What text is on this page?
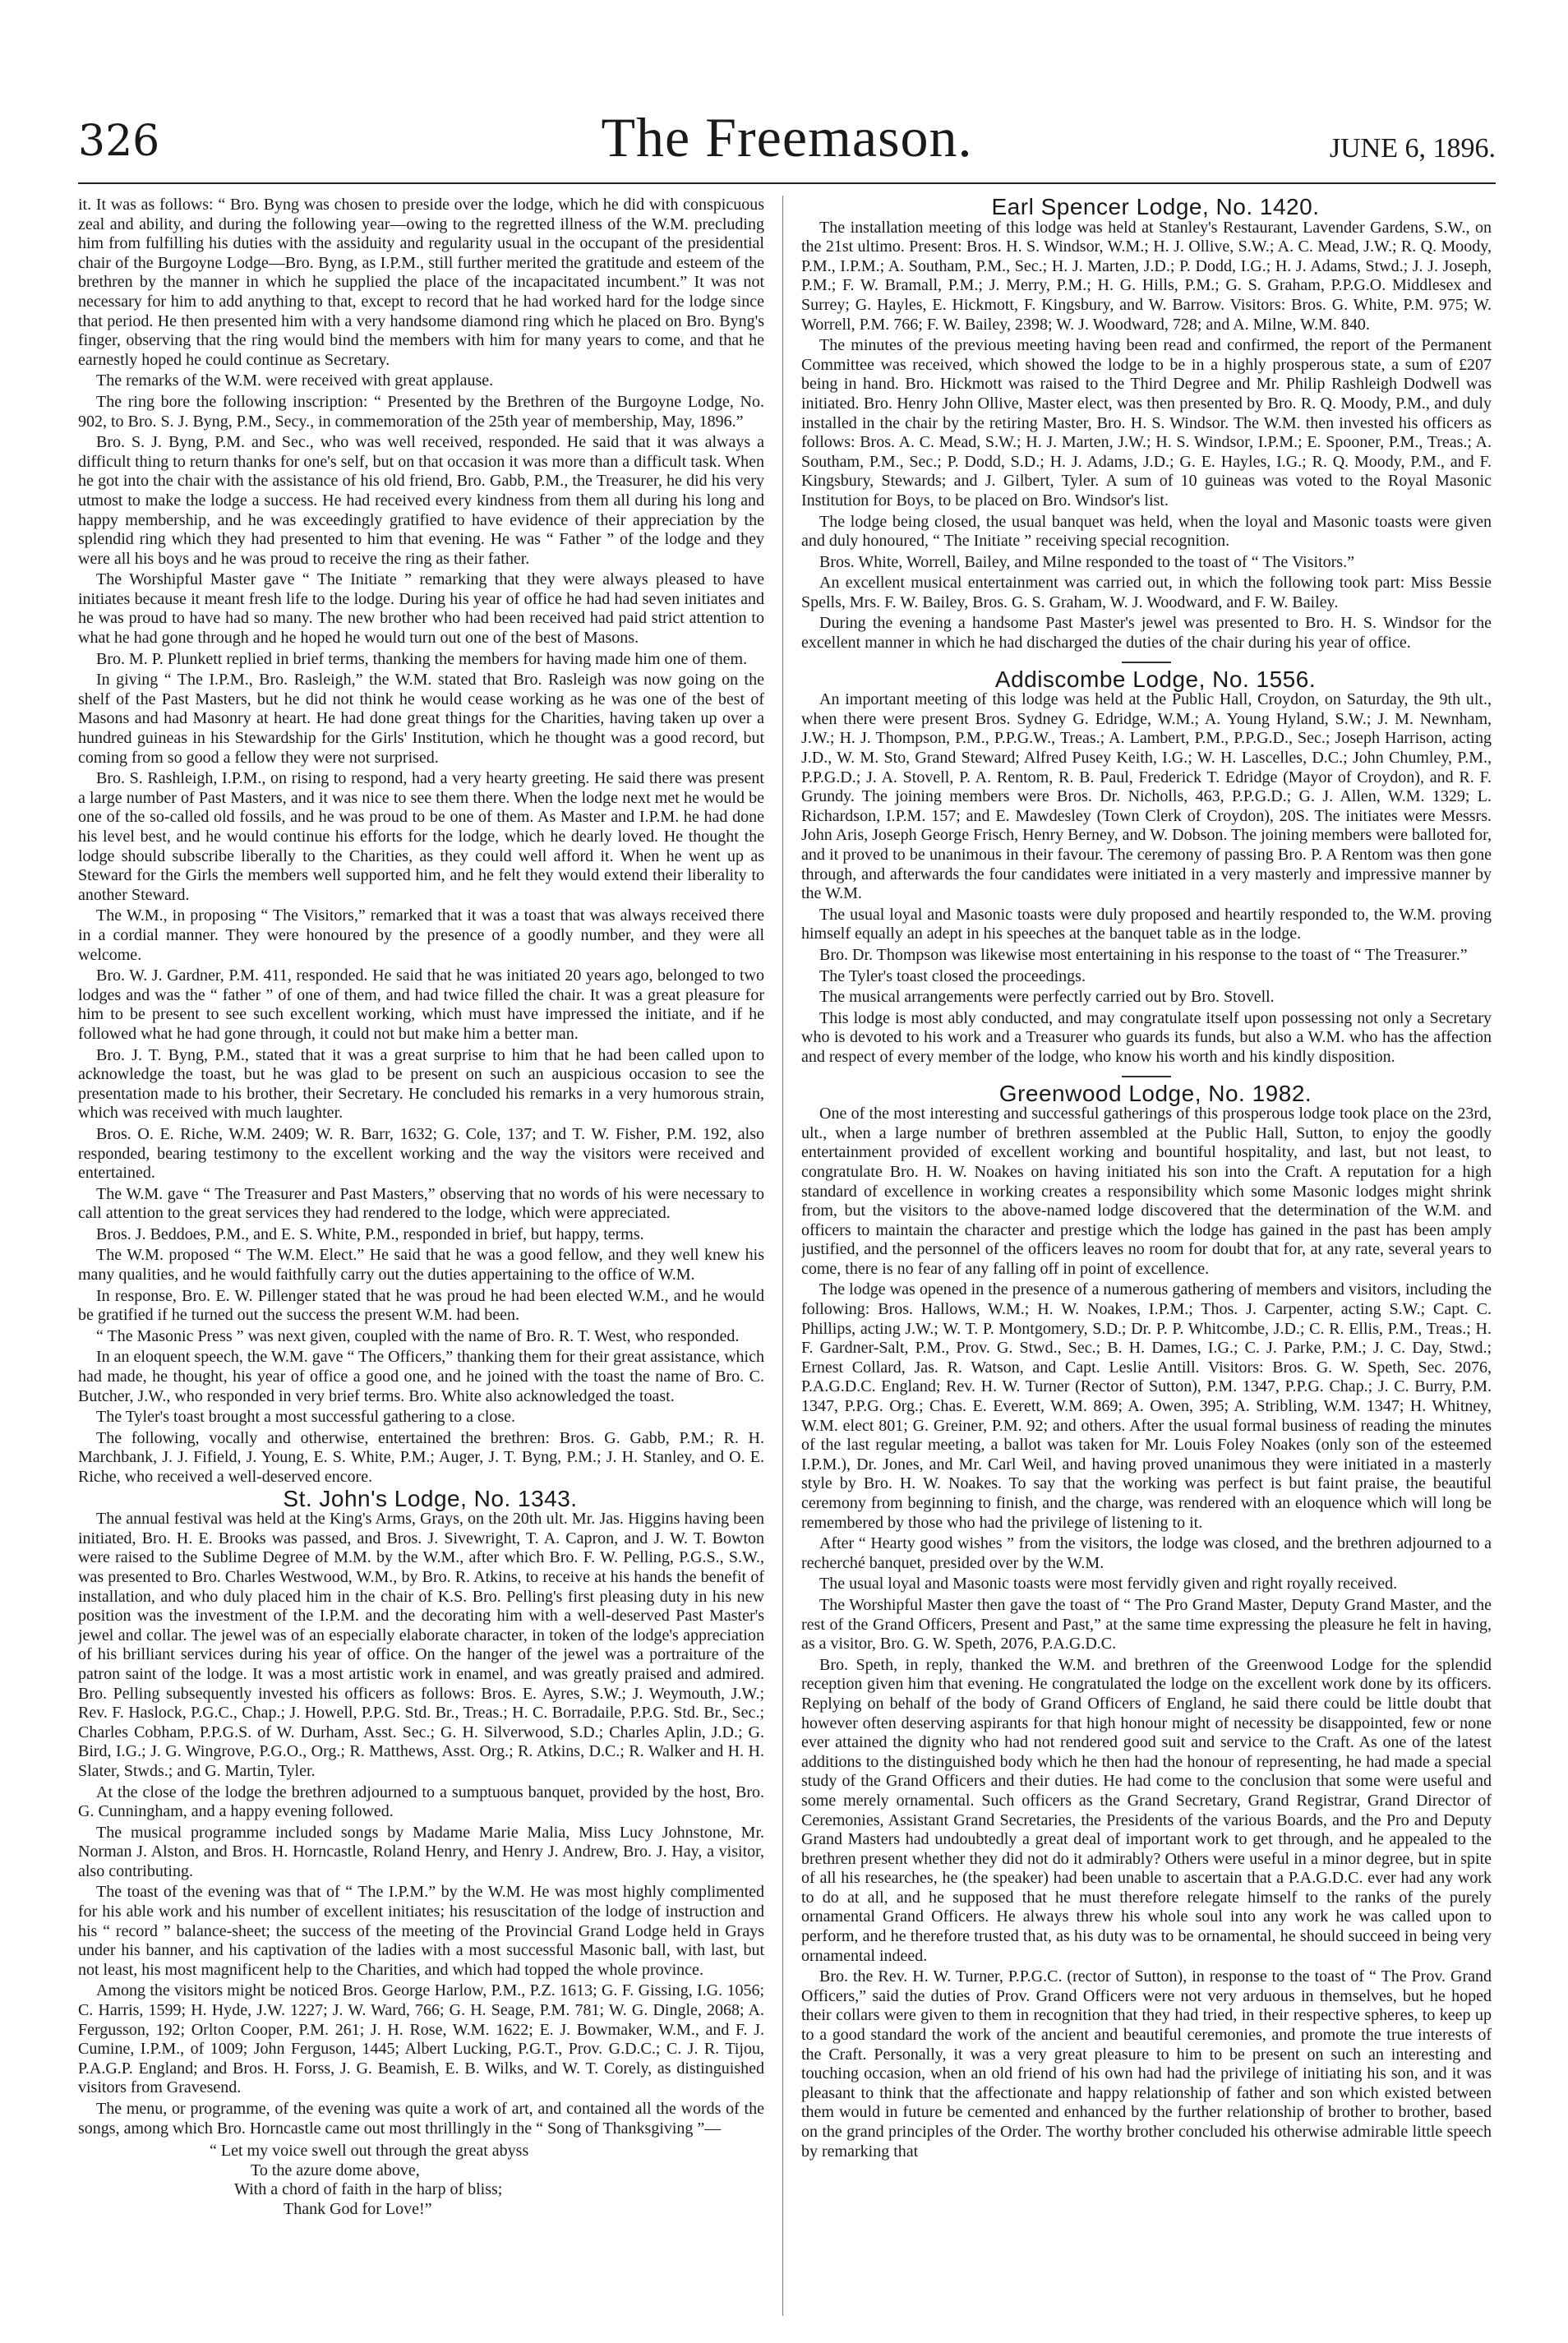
326	The Freemason.	JUNE 6, 1896.

it. It was as follows: “ Bro. Byng was chosen to preside over the lodge, which he did with conspicuous zeal and ability, and during the following year—owing to the regretted illness of the W.M. precluding him from fulfilling his duties with the assiduity and regularity usual in the occupant of the presidential chair of the Burgoyne Lodge—Bro. Byng, as I.P.M., still further merited the gratitude and esteem of the brethren by the manner in which he supplied the place of the incapacitated incumbent.” It was not necessary for him to add anything to that, except to record that he had worked hard for the lodge since that period. He then presented him with a very handsome diamond ring which he placed on Bro. Byng's finger, observing that the ring would bind the members with him for many years to come, and that he earnestly hoped he could continue as Secretary.

The remarks of the W.M. were received with great applause.

The ring bore the following inscription: “ Presented by the Brethren of the Burgoyne Lodge, No. 902, to Bro. S. J. Byng, P.M., Secy., in commemoration of the 25th year of membership, May, 1896.”

Bro. S. J. Byng, P.M. and Sec., who was well received, responded. He said that it was always a difficult thing to return thanks for one's self, but on that occasion it was more than a difficult task. When he got into the chair with the assistance of his old friend, Bro. Gabb, P.M., the Treasurer, he did his very utmost to make the lodge a success. He had received every kindness from them all during his long and happy membership, and he was exceedingly gratified to have evidence of their appreciation by the splendid ring which they had presented to him that evening. He was “ Father ” of the lodge and they were all his boys and he was proud to receive the ring as their father.

The Worshipful Master gave “ The Initiate ” remarking that they were always pleased to have initiates because it meant fresh life to the lodge. During his year of office he had had seven initiates and he was proud to have had so many. The new brother who had been received had paid strict attention to what he had gone through and he hoped he would turn out one of the best of Masons.

Bro. M. P. Plunkett replied in brief terms, thanking the members for having made him one of them.

In giving “ The I.P.M., Bro. Rasleigh,” the W.M. stated that Bro. Rasleigh was now going on the shelf of the Past Masters, but he did not think he would cease working as he was one of the best of Masons and had Masonry at heart. He had done great things for the Charities, having taken up over a hundred guineas in his Stewardship for the Girls' Institution, which he thought was a good record, but coming from so good a fellow they were not surprised.

Bro. S. Rashleigh, I.P.M., on rising to respond, had a very hearty greeting. He said there was present a large number of Past Masters, and it was nice to see them there. When the lodge next met he would be one of the so-called old fossils, and he was proud to be one of them. As Master and I.P.M. he had done his level best, and he would continue his efforts for the lodge, which he dearly loved. He thought the lodge should subscribe liberally to the Charities, as they could well afford it. When he went up as Steward for the Girls the members well supported him, and he felt they would extend their liberality to another Steward.

The W.M., in proposing “ The Visitors,” remarked that it was a toast that was always received there in a cordial manner. They were honoured by the presence of a goodly number, and they were all welcome.

Bro. W. J. Gardner, P.M. 411, responded. He said that he was initiated 20 years ago, belonged to two lodges and was the “ father ” of one of them, and had twice filled the chair. It was a great pleasure for him to be present to see such excellent working, which must have impressed the initiate, and if he followed what he had gone through, it could not but make him a better man.

Bro. J. T. Byng, P.M., stated that it was a great surprise to him that he had been called upon to acknowledge the toast, but he was glad to be present on such an auspicious occasion to see the presentation made to his brother, their Secretary. He concluded his remarks in a very humorous strain, which was received with much laughter.

Bros. O. E. Riche, W.M. 2409; W. R. Barr, 1632; G. Cole, 137; and T. W. Fisher, P.M. 192, also responded, bearing testimony to the excellent working and the way the visitors were received and entertained.

The W.M. gave “ The Treasurer and Past Masters,” observing that no words of his were necessary to call attention to the great services they had rendered to the lodge, which were appreciated.

Bros. J. Beddoes, P.M., and E. S. White, P.M., responded in brief, but happy, terms.

The W.M. proposed “ The W.M. Elect.” He said that he was a good fellow, and they well knew his many qualities, and he would faithfully carry out the duties appertaining to the office of W.M.

In response, Bro. E. W. Pillenger stated that he was proud he had been elected W.M., and he would be gratified if he turned out the success the present W.M. had been.

“ The Masonic Press ” was next given, coupled with the name of Bro. R. T. West, who responded.

In an eloquent speech, the W.M. gave “ The Officers,” thanking them for their great assistance, which had made, he thought, his year of office a good one, and he joined with the toast the name of Bro. C. Butcher, J.W., who responded in very brief terms. Bro. White also acknowledged the toast.

The Tyler's toast brought a most successful gathering to a close.

The following, vocally and otherwise, entertained the brethren: Bros. G. Gabb, P.M.; R. H. Marchbank, J. J. Fifield, J. Young, E. S. White, P.M.; Auger, J. T. Byng, P.M.; J. H. Stanley, and O. E. Riche, who received a well-deserved encore.

St. John's Lodge, No. 1343.

The annual festival was held at the King's Arms, Grays, on the 20th ult. Mr. Jas. Higgins having been initiated, Bro. H. E. Brooks was passed, and Bros. J. Sivewright, T. A. Capron, and J. W. T. Bowton were raised to the Sublime Degree of M.M. by the W.M., after which Bro. F. W. Pelling, P.G.S., S.W., was presented to Bro. Charles Westwood, W.M., by Bro. R. Atkins, to receive at his hands the benefit of installation, and who duly placed him in the chair of K.S. Bro. Pelling's first pleasing duty in his new position was the investment of the I.P.M. and the decorating him with a well-deserved Past Master's jewel and collar. The jewel was of an especially elaborate character, in token of the lodge's appreciation of his brilliant services during his year of office. On the hanger of the jewel was a portraiture of the patron saint of the lodge. It was a most artistic work in enamel, and was greatly praised and admired. Bro. Pelling subsequently invested his officers as follows: Bros. E. Ayres, S.W.; J. Weymouth, J.W.; Rev. F. Haslock, P.G.C., Chap.; J. Howell, P.P.G. Std. Br., Treas.; H. C. Borradaile, P.P.G. Std. Br., Sec.; Charles Cobham, P.P.G.S. of W. Durham, Asst. Sec.; G. H. Silverwood, S.D.; Charles Aplin, J.D.; G. Bird, I.G.; J. G. Wingrove, P.G.O., Org.; R. Matthews, Asst. Org.; R. Atkins, D.C.; R. Walker and H. H. Slater, Stwds.; and G. Martin, Tyler.

At the close of the lodge the brethren adjourned to a sumptuous banquet, provided by the host, Bro. G. Cunningham, and a happy evening followed.

The musical programme included songs by Madame Marie Malia, Miss Lucy Johnstone, Mr. Norman J. Alston, and Bros. H. Horncastle, Roland Henry, and Henry J. Andrew, Bro. J. Hay, a visitor, also contributing.

The toast of the evening was that of “ The I.P.M.” by the W.M. He was most highly complimented for his able work and his number of excellent initiates; his resuscitation of the lodge of instruction and his “ record ” balance-sheet; the success of the meeting of the Provincial Grand Lodge held in Grays under his banner, and his captivation of the ladies with a most successful Masonic ball, with last, but not least, his most magnificent help to the Charities, and which had topped the whole province.

Among the visitors might be noticed Bros. George Harlow, P.M., P.Z. 1613; G. F. Gissing, I.G. 1056; C. Harris, 1599; H. Hyde, J.W. 1227; J. W. Ward, 766; G. H. Seage, P.M. 781; W. G. Dingle, 2068; A. Fergusson, 192; Orlton Cooper, P.M. 261; J. H. Rose, W.M. 1622; E. J. Bowmaker, W.M., and F. J. Cumine, I.P.M., of 1009; John Ferguson, 1445; Albert Lucking, P.G.T., Prov. G.D.C.; C. J. R. Tijou, P.A.G.P. England; and Bros. H. Forss, J. G. Beamish, E. B. Wilks, and W. T. Corely, as distinguished visitors from Gravesend.

The menu, or programme, of the evening was quite a work of art, and contained all the words of the songs, among which Bro. Horncastle came out most thrillingly in the “ Song of Thanksgiving ”—

“ Let my voice swell out through the great abyss
To the azure dome above,
With a chord of faith in the harp of bliss;
Thank God for Love!”

Earl Spencer Lodge, No. 1420.

The installation meeting of this lodge was held at Stanley's Restaurant, Lavender Gardens, S.W., on the 21st ultimo. Present: Bros. H. S. Windsor, W.M.; H. J. Ollive, S.W.; A. C. Mead, J.W.; R. Q. Moody, P.M., I.P.M.; A. Southam, P.M., Sec.; H. J. Marten, J.D.; P. Dodd, I.G.; H. J. Adams, Stwd.; J. J. Joseph, P.M.; F. W. Bramall, P.M.; J. Merry, P.M.; H. G. Hills, P.M.; G. S. Graham, P.P.G.O. Middlesex and Surrey; G. Hayles, E. Hickmott, F. Kingsbury, and W. Barrow. Visitors: Bros. G. White, P.M. 975; W. Worrell, P.M. 766; F. W. Bailey, 2398; W. J. Woodward, 728; and A. Milne, W.M. 840.

The minutes of the previous meeting having been read and confirmed, the report of the Permanent Committee was received, which showed the lodge to be in a highly prosperous state, a sum of £207 being in hand. Bro. Hickmott was raised to the Third Degree and Mr. Philip Rashleigh Dodwell was initiated. Bro. Henry John Ollive, Master elect, was then presented by Bro. R. Q. Moody, P.M., and duly installed in the chair by the retiring Master, Bro. H. S. Windsor. The W.M. then invested his officers as follows: Bros. A. C. Mead, S.W.; H. J. Marten, J.W.; H. S. Windsor, I.P.M.; E. Spooner, P.M., Treas.; A. Southam, P.M., Sec.; P. Dodd, S.D.; H. J. Adams, J.D.; G. E. Hayles, I.G.; R. Q. Moody, P.M., and F. Kingsbury, Stewards; and J. Gilbert, Tyler. A sum of 10 guineas was voted to the Royal Masonic Institution for Boys, to be placed on Bro. Windsor's list.

The lodge being closed, the usual banquet was held, when the loyal and Masonic toasts were given and duly honoured, “ The Initiate ” receiving special recognition.

Bros. White, Worrell, Bailey, and Milne responded to the toast of “ The Visitors.”

An excellent musical entertainment was carried out, in which the following took part: Miss Bessie Spells, Mrs. F. W. Bailey, Bros. G. S. Graham, W. J. Woodward, and F. W. Bailey.

During the evening a handsome Past Master's jewel was presented to Bro. H. S. Windsor for the excellent manner in which he had discharged the duties of the chair during his year of office.

Addiscombe Lodge, No. 1556.

An important meeting of this lodge was held at the Public Hall, Croydon, on Saturday, the 9th ult., when there were present Bros. Sydney G. Edridge, W.M.; A. Young Hyland, S.W.; J. M. Newnham, J.W.; H. J. Thompson, P.M., P.P.G.W., Treas.; A. Lambert, P.M., P.P.G.D., Sec.; Joseph Harrison, acting J.D., W. M. Sto, Grand Steward; Alfred Pusey Keith, I.G.; W. H. Lascelles, D.C.; John Chumley, P.M., P.P.G.D.; J. A. Stovell, P. A. Rentom, R. B. Paul, Frederick T. Edridge (Mayor of Croydon), and R. F. Grundy. The joining members were Bros. Dr. Nicholls, 463, P.P.G.D.; G. J. Allen, W.M. 1329; L. Richardson, I.P.M. 157; and E. Mawdesley (Town Clerk of Croydon), 20S. The initiates were Messrs. John Aris, Joseph George Frisch, Henry Berney, and W. Dobson. The joining members were balloted for, and it proved to be unanimous in their favour. The ceremony of passing Bro. P. A Rentom was then gone through, and afterwards the four candidates were initiated in a very masterly and impressive manner by the W.M.

The usual loyal and Masonic toasts were duly proposed and heartily responded to, the W.M. proving himself equally an adept in his speeches at the banquet table as in the lodge.

Bro. Dr. Thompson was likewise most entertaining in his response to the toast of “ The Treasurer.”

The Tyler's toast closed the proceedings.

The musical arrangements were perfectly carried out by Bro. Stovell.

This lodge is most ably conducted, and may congratulate itself upon possessing not only a Secretary who is devoted to his work and a Treasurer who guards its funds, but also a W.M. who has the affection and respect of every member of the lodge, who know his worth and his kindly disposition.

Greenwood Lodge, No. 1982.

One of the most interesting and successful gatherings of this prosperous lodge took place on the 23rd, ult., when a large number of brethren assembled at the Public Hall, Sutton, to enjoy the goodly entertainment provided of excellent working and bountiful hospitality, and last, but not least, to congratulate Bro. H. W. Noakes on having initiated his son into the Craft. A reputation for a high standard of excellence in working creates a responsibility which some Masonic lodges might shrink from, but the visitors to the above-named lodge discovered that the determination of the W.M. and officers to maintain the character and prestige which the lodge has gained in the past has been amply justified, and the personnel of the officers leaves no room for doubt that for, at any rate, several years to come, there is no fear of any falling off in point of excellence.

The lodge was opened in the presence of a numerous gathering of members and visitors, including the following: Bros. Hallows, W.M.; H. W. Noakes, I.P.M.; Thos. J. Carpenter, acting S.W.; Capt. C. Phillips, acting J.W.; W. T. P. Montgomery, S.D.; Dr. P. P. Whitcombe, J.D.; C. R. Ellis, P.M., Treas.; H. F. Gardner-Salt, P.M., Prov. G. Stwd., Sec.; B. H. Dames, I.G.; C. J. Parke, P.M.; J. C. Day, Stwd.; Ernest Collard, Jas. R. Watson, and Capt. Leslie Antill. Visitors: Bros. G. W. Speth, Sec. 2076, P.A.G.D.C. England; Rev. H. W. Turner (Rector of Sutton), P.M. 1347, P.P.G. Chap.; J. C. Burry, P.M. 1347, P.P.G. Org.; Chas. E. Everett, W.M. 869; A. Owen, 395; A. Stribling, W.M. 1347; H. Whitney, W.M. elect 801; G. Greiner, P.M. 92; and others. After the usual formal business of reading the minutes of the last regular meeting, a ballot was taken for Mr. Louis Foley Noakes (only son of the esteemed I.P.M.), Dr. Jones, and Mr. Carl Weil, and having proved unanimous they were initiated in a masterly style by Bro. H. W. Noakes. To say that the working was perfect is but faint praise, the beautiful ceremony from beginning to finish, and the charge, was rendered with an eloquence which will long be remembered by those who had the privilege of listening to it.

After “ Hearty good wishes ” from the visitors, the lodge was closed, and the brethren adjourned to a recherché banquet, presided over by the W.M.

The usual loyal and Masonic toasts were most fervidly given and right royally received.

The Worshipful Master then gave the toast of “ The Pro Grand Master, Deputy Grand Master, and the rest of the Grand Officers, Present and Past,” at the same time expressing the pleasure he felt in having, as a visitor, Bro. G. W. Speth, 2076, P.A.G.D.C.

Bro. Speth, in reply, thanked the W.M. and brethren of the Greenwood Lodge for the splendid reception given him that evening. He congratulated the lodge on the excellent work done by its officers. Replying on behalf of the body of Grand Officers of England, he said there could be little doubt that however often deserving aspirants for that high honour might of necessity be disappointed, few or none ever attained the dignity who had not rendered good suit and service to the Craft. As one of the latest additions to the distinguished body which he then had the honour of representing, he had made a special study of the Grand Officers and their duties. He had come to the conclusion that some were useful and some merely ornamental. Such officers as the Grand Secretary, Grand Registrar, Grand Director of Ceremonies, Assistant Grand Secretaries, the Presidents of the various Boards, and the Pro and Deputy Grand Masters had undoubtedly a great deal of important work to get through, and he appealed to the brethren present whether they did not do it admirably? Others were useful in a minor degree, but in spite of all his researches, he (the speaker) had been unable to ascertain that a P.A.G.D.C. ever had any work to do at all, and he supposed that he must therefore relegate himself to the ranks of the purely ornamental Grand Officers. He always threw his whole soul into any work he was called upon to perform, and he therefore trusted that, as his duty was to be ornamental, he should succeed in being very ornamental indeed.

Bro. the Rev. H. W. Turner, P.P.G.C. (rector of Sutton), in response to the toast of “ The Prov. Grand Officers,” said the duties of Prov. Grand Officers were not very arduous in themselves, but he hoped their collars were given to them in recognition that they had tried, in their respective spheres, to keep up to a good standard the work of the ancient and beautiful ceremonies, and promote the true interests of the Craft. Personally, it was a very great pleasure to him to be present on such an interesting and touching occasion, when an old friend of his own had had the privilege of initiating his son, and it was pleasant to think that the affectionate and happy relationship of father and son which existed between them would in future be cemented and enhanced by the further relationship of brother to brother, based on the grand principles of the Order. The worthy brother concluded his otherwise admirable little speech by remarking that
